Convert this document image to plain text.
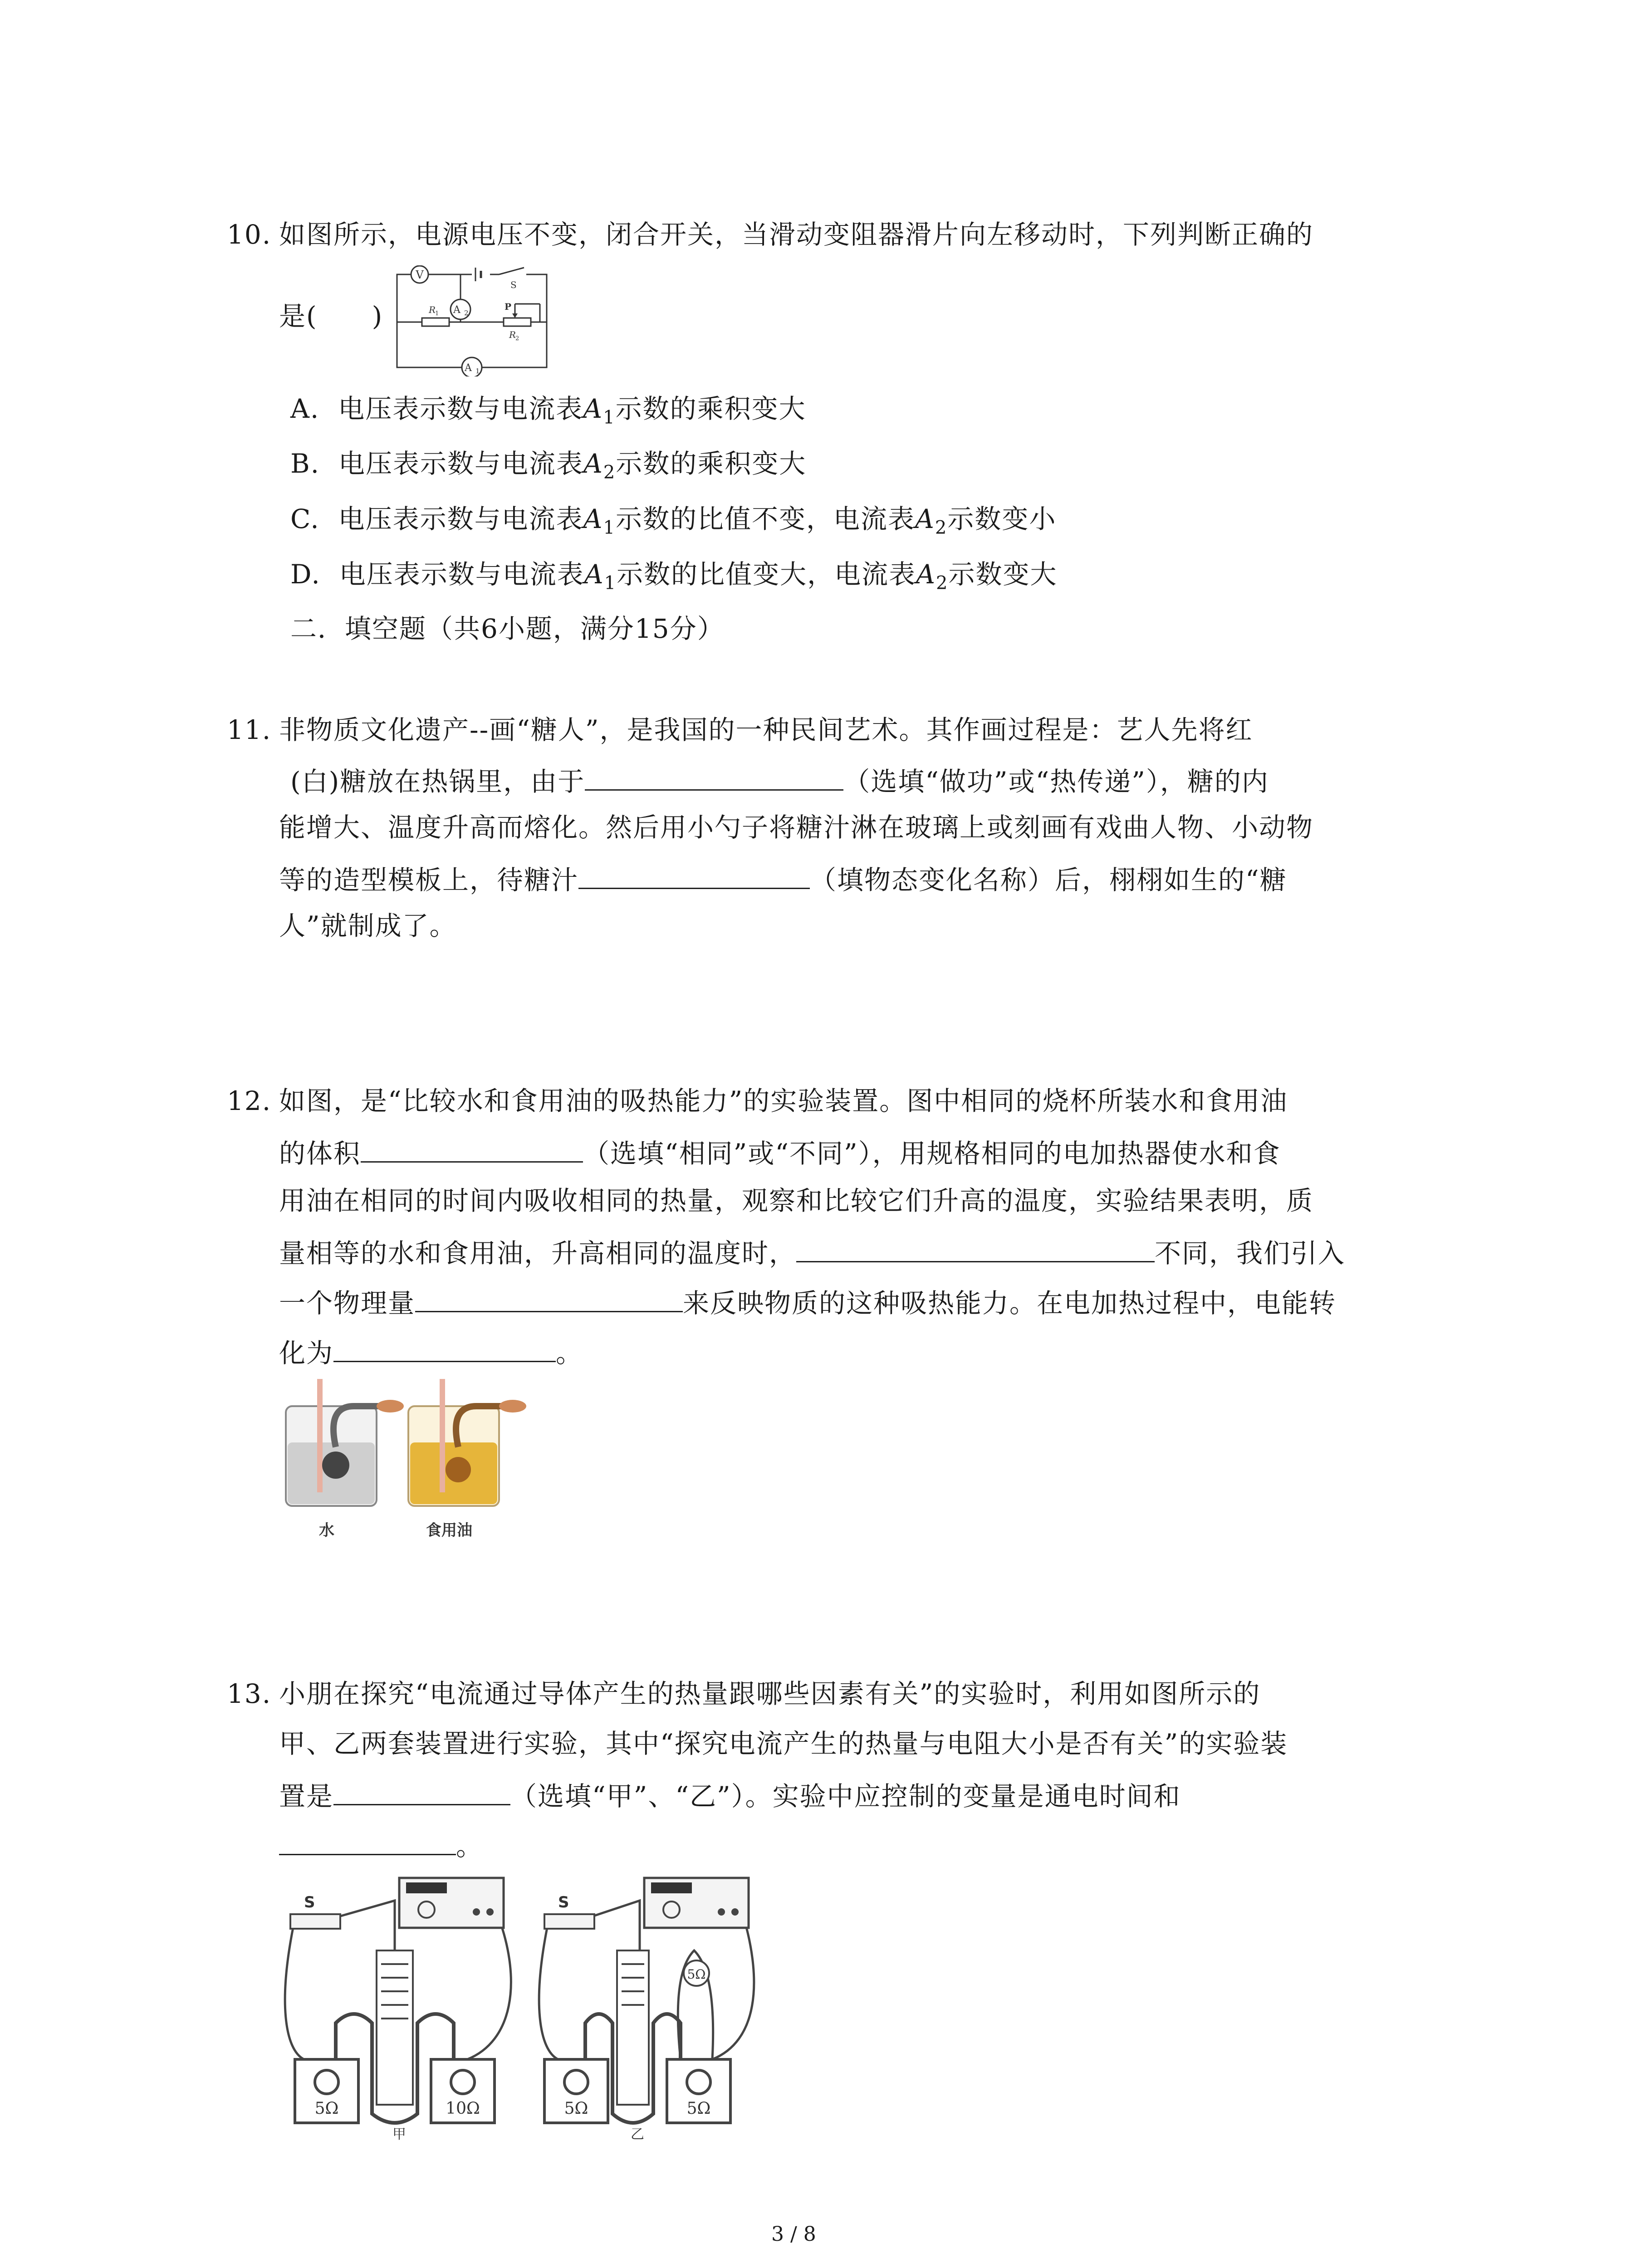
10. 如图所示，电源电压不变，闭合开关，当滑动变阻器滑片向左移动时，下列判断正确的
是( )
V
S
A 2
R
1
P
R
2
A 1
A. 电压表示数与电流表$A_1$示数的乘积变大
B. 电压表示数与电流表$A_2$示数的乘积变大
C. 电压表示数与电流表$A_1$示数的比值不变，电流表$A_2$示数变小
D. 电压表示数与电流表$A_1$示数的比值变大，电流表$A_2$示数变大
二．填空题（共6小题，满分15分）
11. 非物质文化遗产--画“糖人”，是我国的一种民间艺术。其作画过程是：艺人先将红
(白)糖放在热锅里，由于	（选填“做功”或“热传递”），糖的内
能增大、温度升高而熔化。然后用小勺子将糖汁淋在玻璃上或刻画有戏曲人物、小动物
等的造型模板上，待糖汁	（填物态变化名称）后，栩栩如生的“糖
人”就制成了。
12. 如图，是“比较水和食用油的吸热能力”的实验装置。图中相同的烧杯所装水和食用油
的体积	（选填“相同”或“不同”），用规格相同的电加热器使水和食
用油在相同的时间内吸收相同的热量，观察和比较它们升高的温度，实验结果表明，质
量相等的水和食用油，升高相同的温度时，	不同，我们引入
一个物理量	来反映物质的这种吸热能力。在电加热过程中，电能转
化为	。
水	食用油
13. 小朋在探究“电流通过导体产生的热量跟哪些因素有关”的实验时，利用如图所示的
甲、乙两套装置进行实验，其中“探究电流产生的热量与电阻大小是否有关”的实验装
置是	（选填“甲”、“乙”）。实验中应控制的变量是通电时间和
。
S
5Ω	10Ω
甲
S
5Ω
5Ω	5Ω
乙
3 / 8
